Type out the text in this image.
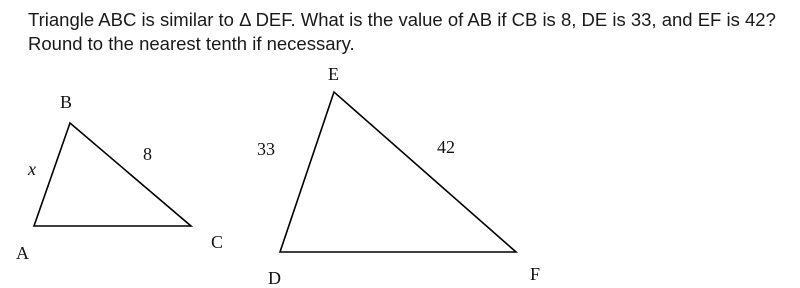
Triangle ABC is similar to Δ DEF. What is the value of AB if CB is 8, DE is 33, and EF is 42? Round to the nearest tenth if necessary.

B
A
C
x
8
E
D	F
33	42
